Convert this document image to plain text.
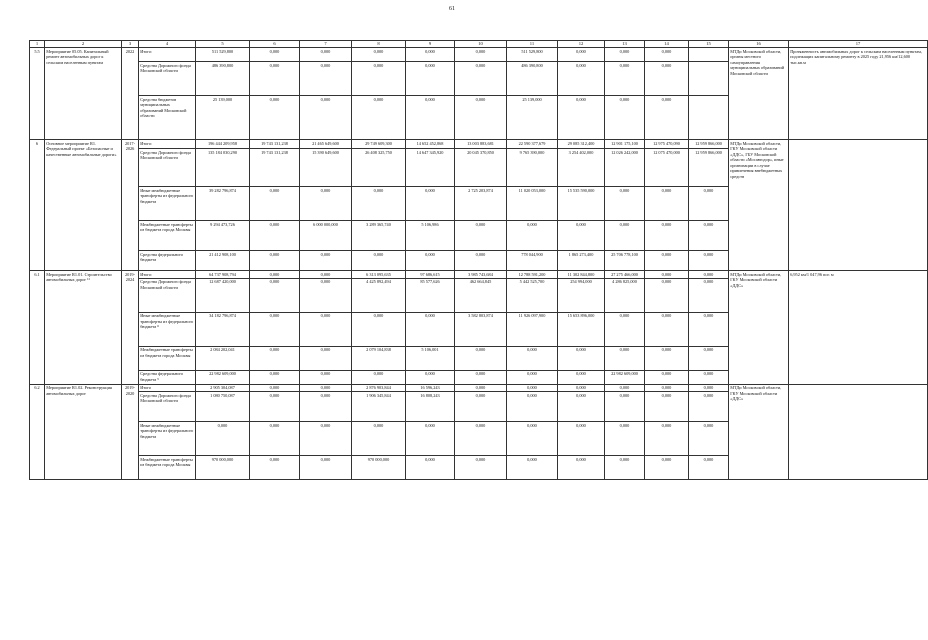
61
1	2	3	4	5	6	7	8	9	10	11	12	13	14	15	16	17
5.5	Мероприятие 05.05. Капитальный ремонт автомобильных дорог к сельским населенным пунктам	2022	Итого:	511 529,800	0,000	0,000	0,000	0,000	0,000	511 529,800	0,000	0,000	0,000		МТДи Московской области, органы местного самоуправления муниципальных образований Московской области	Протяженность автомобильных дорог к сельским населенным пунктам, подлежащих капитальному ремонту в 2025 году 21,956 км/12,600 тыс.кв.м
			Средства Дорожного фонда Московской области	486 390,800	0,000	0,000	0,000	0,000	0,000	486 390,800	0,000	0,000	0,000			
			Средства бюджетов муниципальных образований Московской области	25 139,000	0,000	0,000	0,000	0,000	0,000	25 139,000	0,000	0,000	0,000			
6	Основное мероприятие R1. Федеральный проект «Безопасные и качественные автомобильные дороги»	2017-2026	Итого:	196 444 209,958	19 743 131,238	21 465 649,600	29 749 609,300	14 652 452,868	13 003 883,681	22 590 377,679	29 085 312,400	12 901 175,100	12 975 470,090	12 959 866,000	МТДи Московской области, ГКУ Московской области «ДДС», ГБУ Московской области «Мосавтодор», иные организации в случае привлечения внебюджетных средств	
			Средства Дорожного фонда Московской области	135 184 030,290	19 743 131,238	15 390 649,600	26 408 325,750	14 647 345,920	20 045 370,850	9 765 390,000	3 254 402,000	12 026 242,000	12 075 470,000	12 959 866,000		
			Иные межбюджетные трансферты из федерального бюджета	39 282 796,874	0,000	0,000	0,000	0,000	2 725 203,874	11 020 053,000	15 535 590,000	0,000	0,000	0,000		
			Межбюджетные трансферты из бюджета города Москвы	9 294 473,726	0,000	6 000 000,000	3 289 365,740	5 106,986	0,000	0,000	0,000	0,000	0,000	0,000		
			Средства федерального бюджета	21 412 908,100	0,000	0,000	0,000	0,000	0,000	778 044,900	1 865 273,400	25 706 778,100	0,000	0,000		
6.1	Мероприятие R1.01. Строительство автомобильных дорог ¹¹	2019-2024	Итого:	64 737 908,794	0,000	0,000	6 313 095,635	97 686,615	3 985 743,684	12 788 591,200	11 302 844,800	27 275 466,000	0,000	0,000	МТДи Московской области, ГКУ Московской области «ДДС»	6,952 км/1 047,96 пог. м
			Средства Дорожного фонда Московской области	12 687 420,000	0,000	0,000	4 425 892,494	85 577,626	462 664,845	5 442 525,700	254 994,000	4 286 825,000	0,000	0,000		
			Иные межбюджетные трансферты из федерального бюджета ⁸	34 182 796,874	0,000	0,000	0,000	0,000	3 582 803,874	11 926 097,900	15 653 896,000	0,000	0,000	0,000		
			Межбюджетные трансферты из бюджета города Москвы	2 084 202,041	0,000	0,000	2 079 104,838	5 106,001	0,000	0,000	0,000	0,000	0,000	0,000		
			Средства федерального бюджета ⁹	22 982 609,000	0,000	0,000	0,000	0,000	0,000	0,000	0,000	22 982 609,000	0,000	0,000		
6.2	Мероприятие R1.02. Реконструкция автомобильных дорог	2019-2020	Итого	2 905 304,087	0,000	0,000	2 876 903,844	16 596,243	0,000	0,000	0,000	0,000	0,000	0,000	МТДи Московской области, ГКУ Московской области «ДДС»	
			Средства Дорожного фонда Московской области	1 080 750,087	0,000	0,000	1 906 345,844	16 808,243	0,000	0,000	0,000	0,000	0,000	0,000		
			Иные межбюджетные трансферты из федерального бюджета	0,000	0,000	0,000	0,000	0,000	0,000	0,000	0,000	0,000	0,000	0,000		
			Межбюджетные трансферты из бюджета города Москвы	970 000,000	0,000	0,000	970 000,000	0,000	0,000	0,000	0,000	0,000	0,000	0,000		
